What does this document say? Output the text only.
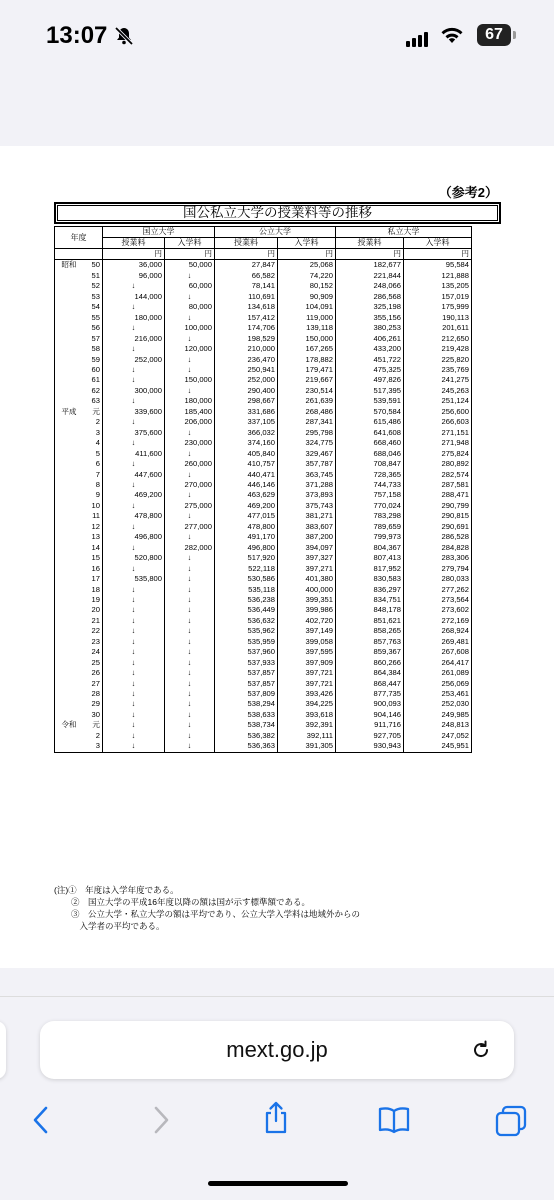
13:07	67
（参考2）
国公私立大学の授業料等の推移
年度		国立大学		公立大学		私立大学	
		授業料	入学料	授業料	入学料	授業料	入学料
		円	円	円	円	円	円
昭和	50	36,000	50,000	27,847	25,068	182,677	95,584
	51	96,000	↓	66,582	74,220	221,844	121,888
	52	↓	60,000	78,141	80,152	248,066	135,205
	53	144,000	↓	110,691	90,909	286,568	157,019
	54	↓	80,000	134,618	104,091	325,198	175,999
	55	180,000	↓	157,412	119,000	355,156	190,113
	56	↓	100,000	174,706	139,118	380,253	201,611
	57	216,000	↓	198,529	150,000	406,261	212,650
	58	↓	120,000	210,000	167,265	433,200	219,428
	59	252,000	↓	236,470	178,882	451,722	225,820
	60	↓	↓	250,941	179,471	475,325	235,769
	61	↓	150,000	252,000	219,667	497,826	241,275
	62	300,000	↓	290,400	230,514	517,395	245,263
	63	↓	180,000	298,667	261,639	539,591	251,124
平成	元	339,600	185,400	331,686	268,486	570,584	256,600
	2	↓	206,000	337,105	287,341	615,486	266,603
	3	375,600	↓	366,032	295,798	641,608	271,151
	4	↓	230,000	374,160	324,775	668,460	271,948
	5	411,600	↓	405,840	329,467	688,046	275,824
	6	↓	260,000	410,757	357,787	708,847	280,892
	7	447,600	↓	440,471	363,745	728,365	282,574
	8	↓	270,000	446,146	371,288	744,733	287,581
	9	469,200	↓	463,629	373,893	757,158	288,471
	10	↓	275,000	469,200	375,743	770,024	290,799
	11	478,800	↓	477,015	381,271	783,298	290,815
	12	↓	277,000	478,800	383,607	789,659	290,691
	13	496,800	↓	491,170	387,200	799,973	286,528
	14	↓	282,000	496,800	394,097	804,367	284,828
	15	520,800	↓	517,920	397,327	807,413	283,306
	16	↓	↓	522,118	397,271	817,952	279,794
	17	535,800	↓	530,586	401,380	830,583	280,033
	18	↓	↓	535,118	400,000	836,297	277,262
	19	↓	↓	536,238	399,351	834,751	273,564
	20	↓	↓	536,449	399,986	848,178	273,602
	21	↓	↓	536,632	402,720	851,621	272,169
	22	↓	↓	535,962	397,149	858,265	268,924
	23	↓	↓	535,959	399,058	857,763	269,481
	24	↓	↓	537,960	397,595	859,367	267,608
	25	↓	↓	537,933	397,909	860,266	264,417
	26	↓	↓	537,857	397,721	864,384	261,089
	27	↓	↓	537,857	397,721	868,447	256,069
	28	↓	↓	537,809	393,426	877,735	253,461
	29	↓	↓	538,294	394,225	900,093	252,030
	30	↓	↓	538,633	393,618	904,146	249,985
令和	元	↓	↓	538,734	392,391	911,716	248,813
	2	↓	↓	536,382	392,111	927,705	247,052
	3	↓	↓	536,363	391,305	930,943	245,951
(注)①　年度は入学年度である。
　　②　国立大学の平成16年度以降の額は国が示す標準額である。
　　③　公立大学・私立大学の額は平均であり、公立大学入学料は地域外からの
　　　入学者の平均である。
mext.go.jp
